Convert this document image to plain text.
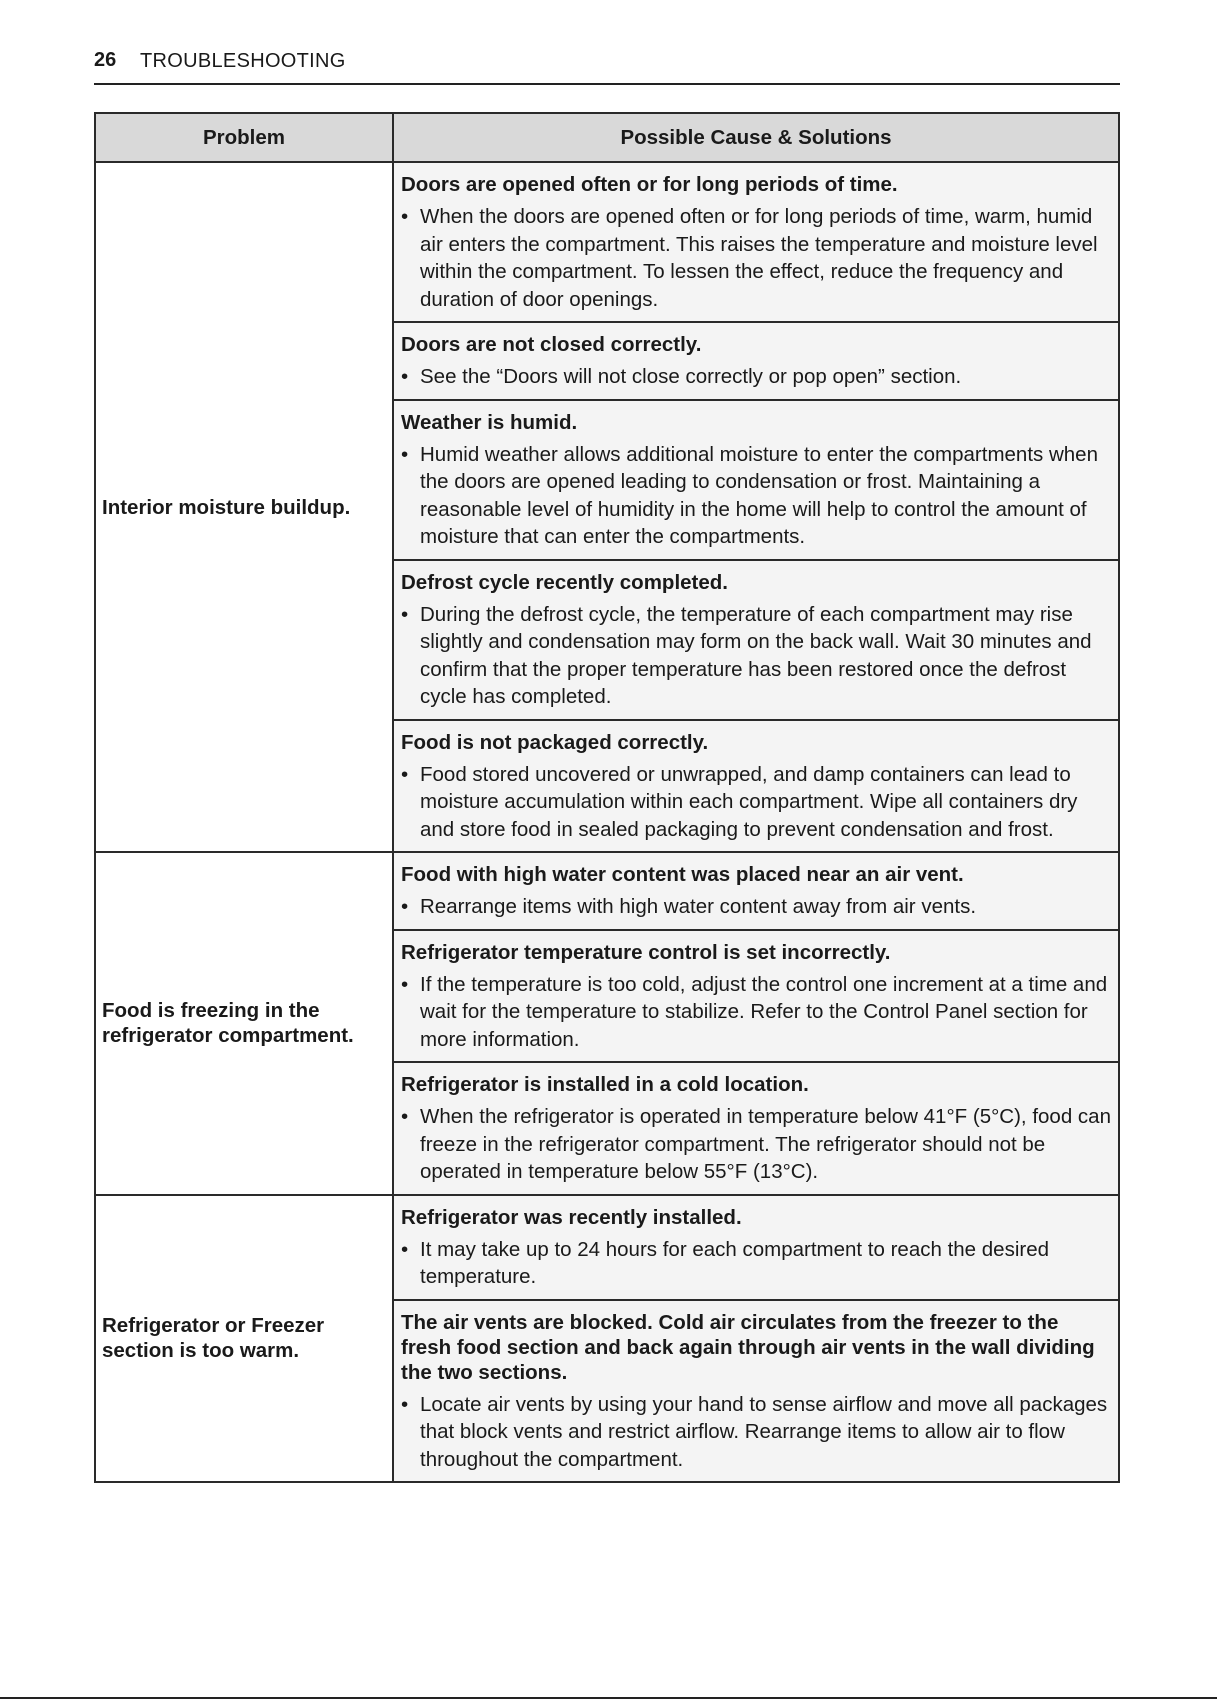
26 TROUBLESHOOTING
Problem	Possible Cause & Solutions
Interior moisture buildup.	Doors are opened often or for long periods of time.
• When the doors are opened often or for long periods of time, warm, humid air enters the compartment. This raises the temperature and moisture level within the compartment. To lessen the effect, reduce the frequency and duration of door openings.

	Doors are not closed correctly.
• See the “Doors will not close correctly or pop open” section.

	Weather is humid.
• Humid weather allows additional moisture to enter the compartments when the doors are opened leading to condensation or frost. Maintaining a reasonable level of humidity in the home will help to control the amount of moisture that can enter the compartments.

	Defrost cycle recently completed.
• During the defrost cycle, the temperature of each compartment may rise slightly and condensation may form on the back wall. Wait 30 minutes and confirm that the proper temperature has been restored once the defrost cycle has completed.

	Food is not packaged correctly.
• Food stored uncovered or unwrapped, and damp containers can lead to moisture accumulation within each compartment. Wipe all containers dry and store food in sealed packaging to prevent condensation and frost.

Food is freezing in the refrigerator compartment.	Food with high water content was placed near an air vent.
• Rearrange items with high water content away from air vents.

	Refrigerator temperature control is set incorrectly.
• If the temperature is too cold, adjust the control one increment at a time and wait for the temperature to stabilize. Refer to the Control Panel section for more information.

	Refrigerator is installed in a cold location.
• When the refrigerator is operated in temperature below 41°F (5°C), food can freeze in the refrigerator compartment. The refrigerator should not be operated in temperature below 55°F (13°C).

Refrigerator or Freezer section is too warm.	Refrigerator was recently installed.
• It may take up to 24 hours for each compartment to reach the desired temperature.

	The air vents are blocked. Cold air circulates from the freezer to the fresh food section and back again through air vents in the wall dividing the two sections.
• Locate air vents by using your hand to sense airflow and move all packages that block vents and restrict airflow. Rearrange items to allow air to flow throughout the compartment.
